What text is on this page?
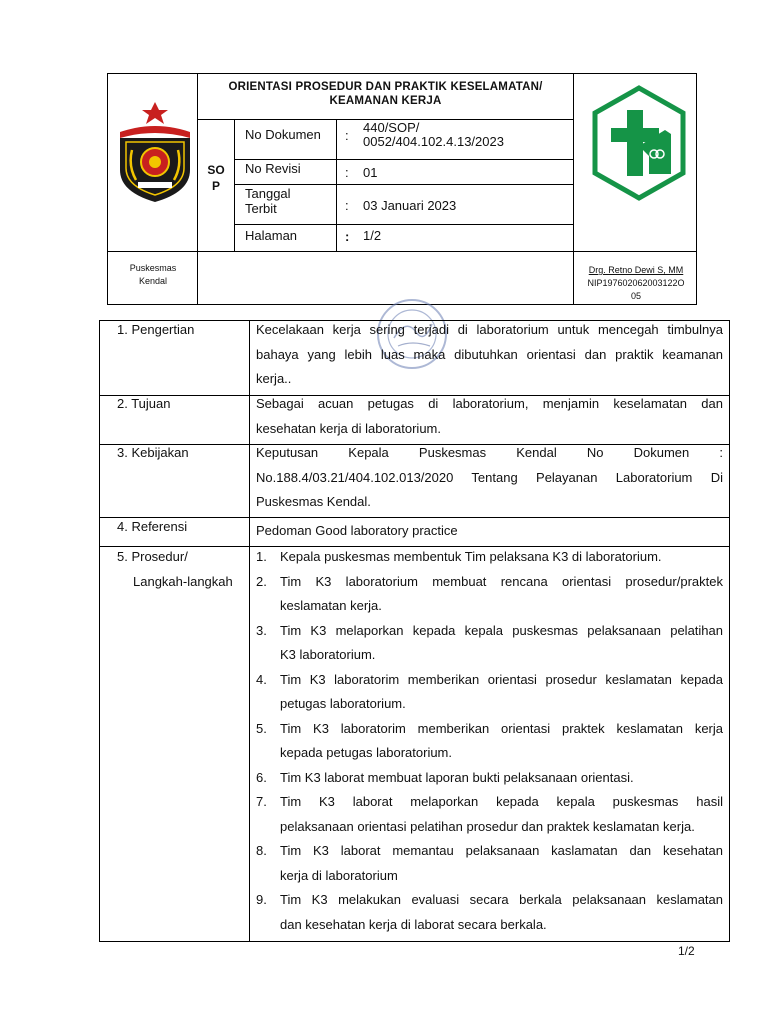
ORIENTASI PROSEDUR DAN PRAKTIK KESELAMATAN/
KEAMANAN KERJA
SO
P
No Dokumen :
440/SOP/
0052/404.102.4.13/2023
No Revisi	: 01
Tanggal
Terbit	: 03 Januari 2023
Halaman	: 1/2
Puskesmas
Kendal
Drg. Retno Dewi S, MM
NIP197602062003122O
05
1. Pengertian	Kecelakaan kerja sering terjadi di laboratorium untuk mencegah timbulnya
bahaya yang lebih luas maka dibutuhkan orientasi dan praktik keamanan
kerja..
2. Tujuan	Sebagai acuan petugas di laboratorium, menjamin keselamatan dan
kesehatan kerja di laboratorium.
3. Kebijakan	Keputusan Kepala Puskesmas Kendal No Dokumen :
No.188.4/03.21/404.102.013/2020 Tentang Pelayanan Laboratorium Di
Puskesmas Kendal.
4. Referensi	Pedoman Good laboratory practice
5. Prosedur/
Langkah-langkah
1. Kepala puskesmas membentuk Tim pelaksana K3 di laboratorium.
2. Tim K3 laboratorium membuat rencana orientasi prosedur/praktek
keslamatan kerja.
3. Tim K3 melaporkan kepada kepala puskesmas pelaksanaan pelatihan
K3 laboratorium.
4. Tim K3 laboratorim memberikan orientasi prosedur keslamatan kepada
petugas laboratorium.
5. Tim K3 laboratorim memberikan orientasi praktek keslamatan kerja
kepada petugas laboratorium.
6. Tim K3 laborat membuat laporan bukti pelaksanaan orientasi.
7. Tim K3 laborat melaporkan kepada kepala puskesmas hasil
pelaksanaan orientasi pelatihan prosedur dan praktek keslamatan kerja.
8. Tim K3 laborat memantau pelaksanaan kaslamatan dan kesehatan
kerja di laboratorium
9. Tim K3 melakukan evaluasi secara berkala pelaksanaan keslamatan
dan kesehatan kerja di laborat secara berkala.
1/2
